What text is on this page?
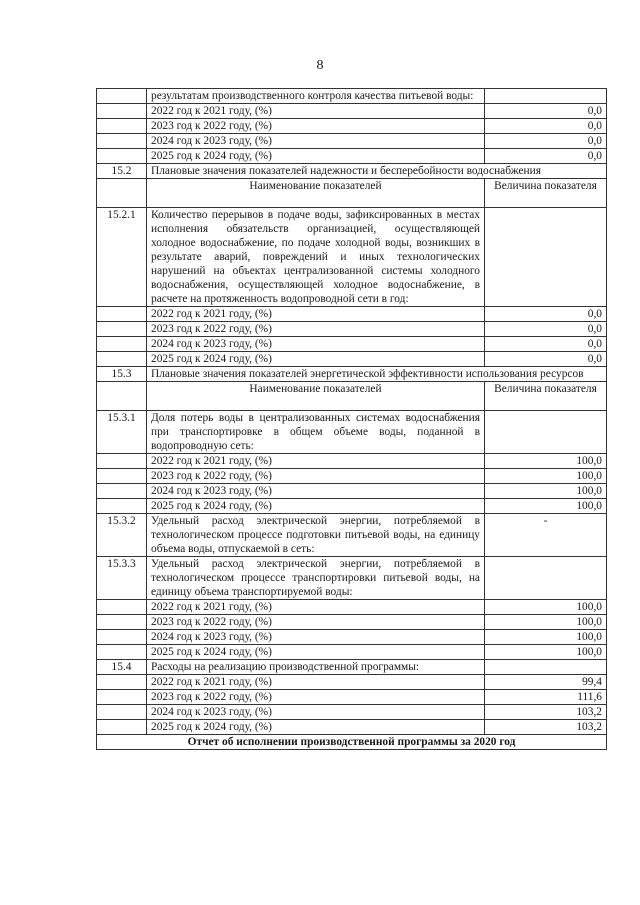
8
	результатам производственного контроля качества питьевой воды:	
	2022 год к 2021 году, (%)	0,0
	2023 год к 2022 году, (%)	0,0
	2024 год к 2023 году, (%)	0,0
	2025 год к 2024 году, (%)	0,0
15.2	Плановые значения показателей надежности и бесперебойности водоснабжения	
	Наименование показателей	Величина показателя
15.2.1	Количество перерывов в подаче воды, зафиксированных в местах исполнения обязательств организацией, осуществляющей холодное водоснабжение, по подаче холодной воды, возникших в результате аварий, повреждений и иных технологических нарушений на объектах централизованной системы холодного водоснабжения, осуществляющей холодное водоснабжение, в расчете на протяженность водопроводной сети в год:	
	2022 год к 2021 году, (%)	0,0
	2023 год к 2022 году, (%)	0,0
	2024 год к 2023 году, (%)	0,0
	2025 год к 2024 году, (%)	0,0
15.3	Плановые значения показателей энергетической эффективности использования ресурсов	
	Наименование показателей	Величина показателя
15.3.1	Доля потерь воды в централизованных системах водоснабжения при транспортировке в общем объеме воды, поданной в водопроводную сеть:	
	2022 год к 2021 году, (%)	100,0
	2023 год к 2022 году, (%)	100,0
	2024 год к 2023 году, (%)	100,0
	2025 год к 2024 году, (%)	100,0
15.3.2	Удельный расход электрической энергии, потребляемой в технологическом процессе подготовки питьевой воды, на единицу объема воды, отпускаемой в сеть:	-
15.3.3	Удельный расход электрической энергии, потребляемой в технологическом процессе транспортировки питьевой воды, на единицу объема транспортируемой воды:	
	2022 год к 2021 году, (%)	100,0
	2023 год к 2022 году, (%)	100,0
	2024 год к 2023 году, (%)	100,0
	2025 год к 2024 году, (%)	100,0
15.4	Расходы на реализацию производственной программы:	
	2022 год к 2021 году, (%)	99,4
	2023 год к 2022 году, (%)	111,6
	2024 год к 2023 году, (%)	103,2
	2025 год к 2024 году, (%)	103,2
Отчет об исполнении производственной программы за 2020 год		
